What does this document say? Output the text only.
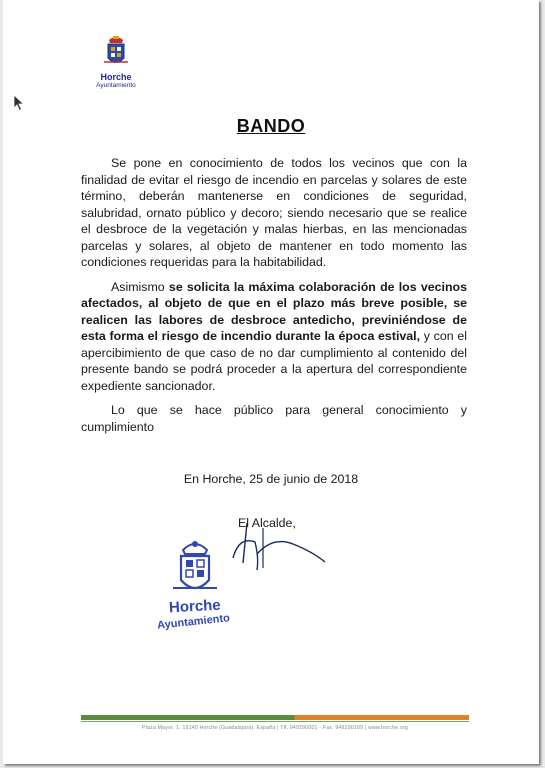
Horche
Ayuntamiento
BANDO

Se pone en conocimiento de todos los vecinos que con la finalidad de evitar el riesgo de incendio en parcelas y solares de este término, deberán mantenerse en condiciones de seguridad, salubridad, ornato público y decoro; siendo necesario que se realice el desbroce de la vegetación y malas hierbas, en las mencionadas parcelas y solares, al objeto de mantener en todo momento las condiciones requeridas para la habitabilidad.

Asimismo se solicita la máxima colaboración de los vecinos afectados, al objeto de que en el plazo más breve posible, se realicen las labores de desbroce antedicho, previniéndose de esta forma el riesgo de incendio durante la época estival, y con el apercibimiento de que caso de no dar cumplimiento al contenido del presente bando se podrá proceder a la apertura del correspondiente expediente sancionador.

Lo que se hace público para general conocimiento y cumplimiento

En Horche, 25 de junio de 2018
El Alcalde,
Horche
Ayuntamiento
Plaza Mayor, 1. 19140 Horche (Guadalajara). España | Tlf. 949290001 - Fax. 949290109 | www.horche.org
